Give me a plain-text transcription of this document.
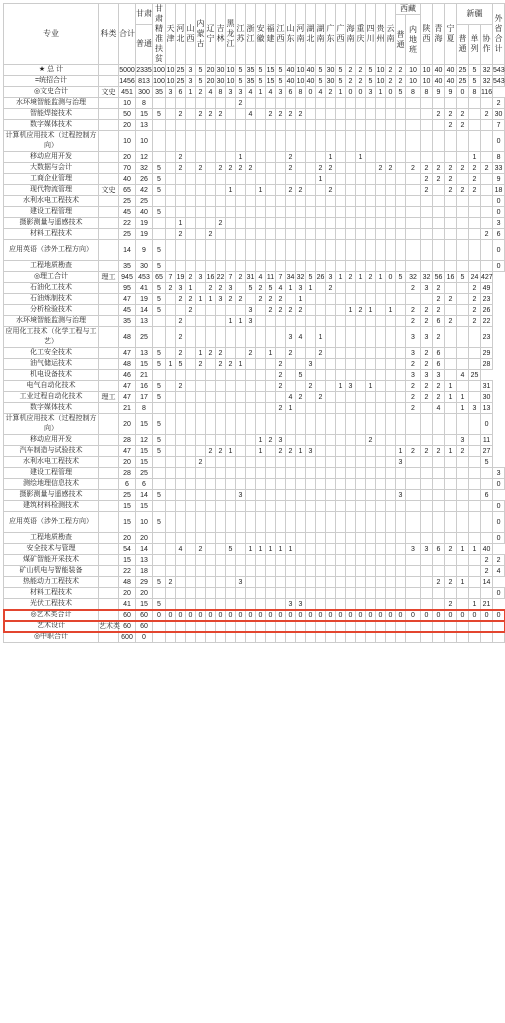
专业	科类	合计	甘肃	甘肃精准扶贫	天津	河北	山西	内蒙古	辽宁	吉林	黑龙江	江苏	浙江	安徽	福建	江西	山东	河南	湖北	湖南	广东	广西	海南	重庆	四川	贵州	云南	西藏		陕西	青海	宁夏	新疆			外省合计

																												普通	内地班							
			普通																														普通	单列	协作	

★ 总 计		5000	2335	100	10	25	3	5	20	30	10	5	35	5	15	5	40	10	40	5	30	5	2	2	5	10	2	2	10	10	40	40	25	5	32	543
=统招合计		1456	813	100	10	25	3	5	20	30	10	5	35	5	15	5	40	10	40	5	30	5	2	2	5	10	2	2	10	10	40	40	25	5	32	543
◎文史合计	文史	451	300	35	3	6	1	2	4	8	3	3	4	1	4	3	6	8	0	4	2	1	0	0	3	1	0	5	8	8	9	9	0	8	116	
水环境智能监测与治理		10	8									2																								2
智能焊接技术		50	15	5		2		2	2	2			4		2	2	2	2													2	2	2		2	30
数字媒体技术		20	13																													2	2			7
计算机应用技术（过程控制方向）		10	10																																	0
移动应用开发		20	12			2						1					2				1			1										1		8
大数据与会计		70	32	5		2		2		2	2	2	2				2			2	2					2	2		2	2	2	2	2	2	2	33
工商企业管理		40	26	5																1										2	2	2		2		9
现代物流管理	文史	65	42	5							1			1			2	2			2									2		2	2	2		18
水利水电工程技术		25	25																																	0
建设工程管理		45	40	5																																0
摄影测量与遥感技术		22	19			1				2																										3
材料工程技术		25	19			2			2																										2	6
应用英语（涉外工程方向）		14	9	5																																0
工程地质勘查		35	30	5																																0
◎理工合计	理工	945	453	65	7	19	2	3	16	22	7	2	31	4	11	7	34	32	5	26	3	1	2	1	2	1	0	5	32	32	56	16	5	24	427	
石油化工技术		95	41	5	2	3	1		2	2	3		5	2	5	4	1	3	1		2								2	3	2			2	49	
石油炼制技术		47	19	5		2	2	1	1	3	2	2		2	2	2		1													2	2		2	23	
分析检验技术		45	14	5			2						3		2	2	2	2					1	2	1		1		2	2	2			2	26	
水环境智能监测与治理		35	13			2					1	1	3																2	2	6	2		2	22	
应用化工技术（化学工程与工艺）		48	25			2											3	4		1									3	3	2				23	
化工安全技术		47	13	5		2		1	2	2			2		1		2			2									3	2	6				29	
油气储运技术		48	15	5	1	5		2		2	2	1				2			3										2	2	6				28	
机电设备技术		46	21													2		5											3	3	3		4	25		
电气自动化技术		47	16	5		2										2			2			1	3		1				2	2	2	1			31	
工业过程自动化技术	理工	47	17	5													4	2		2									2	2	2	1	1		30	
数字媒体技术		21	8													2	1												2		4		1	3	13	
计算机应用技术（过程控制方向）		20	15	5																															0	
移动应用开发		28	12	5										1	2	3									2								3		11	
汽车制造与试验技术		47	15	5					2	2	1			1		2	2	1	3									1	2	2	2	1	2		27	
水利水电工程技术		20	15					2																				3							5	
建设工程管理		28	25																																	3
测绘地理信息技术		6	6																																	0
摄影测量与遥感技术		25	14	5								3																3							6	
建筑材料检测技术		15	15																																	0
应用英语（涉外工程方向）		15	10	5																																0
工程地质勘查		20	20																																	0
安全技术与管理		54	14			4		2			5		1	1	1	1	1												3	3	6	2	1	1	40	
煤矿智能开采技术		15	13																																2	2
矿山机电与智能装备		22	18																																2	4
热能动力工程技术		48	29	5	2							3																			2	2	1		14	
材料工程技术		20	20																																	0
光伏工程技术		41	15	5													3	3														2		1	21	
◎艺术类合计		60	60	0	0	0	0	0	0	0	0	0	0	0	0	0	0	0	0	0	0	0	0	0	0	0	0	0	0	0	0	0	0	0	0	0
艺术设计	艺术类	60	60																																	
◎中职合计		600	0																																	
